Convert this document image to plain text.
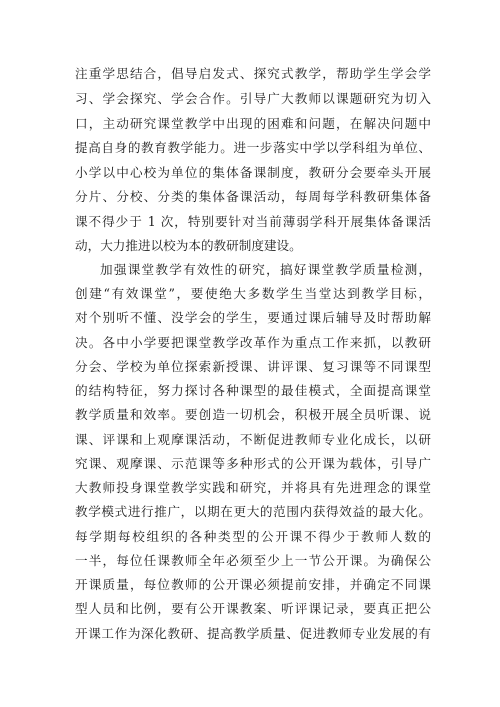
注重学思结合，倡导启发式、探究式教学，帮助学生学会学
习、学会探究、学会合作。引导广大教师以课题研究为切入
口，主动研究课堂教学中出现的困难和问题，在解决问题中
提高自身的教育教学能力。进一步落实中学以学科组为单位、
小学以中心校为单位的集体备课制度，教研分会要牵头开展
分片、分校、分类的集体备课活动，每周每学科教研集体备
课不得少于 1 次，特别要针对当前薄弱学科开展集体备课活
动，大力推进以校为本的教研制度建设。
加强课堂教学有效性的研究，搞好课堂教学质量检测，
创建“有效课堂”，要使绝大多数学生当堂达到教学目标，
对个别听不懂、没学会的学生，要通过课后辅导及时帮助解
决。各中小学要把课堂教学改革作为重点工作来抓，以教研
分会、学校为单位探索新授课、讲评课、复习课等不同课型
的结构特征，努力探讨各种课型的最佳模式，全面提高课堂
教学质量和效率。要创造一切机会，积极开展全员听课、说
课、评课和上观摩课活动，不断促进教师专业化成长，以研
究课、观摩课、示范课等多种形式的公开课为载体，引导广
大教师投身课堂教学实践和研究，并将具有先进理念的课堂
教学模式进行推广，以期在更大的范围内获得效益的最大化。
每学期每校组织的各种类型的公开课不得少于教师人数的
一半，每位任课教师全年必须至少上一节公开课。为确保公
开课质量，每位教师的公开课必须提前安排，并确定不同课
型人员和比例，要有公开课教案、听评课记录，要真正把公
开课工作为深化教研、提高教学质量、促进教师专业发展的有
